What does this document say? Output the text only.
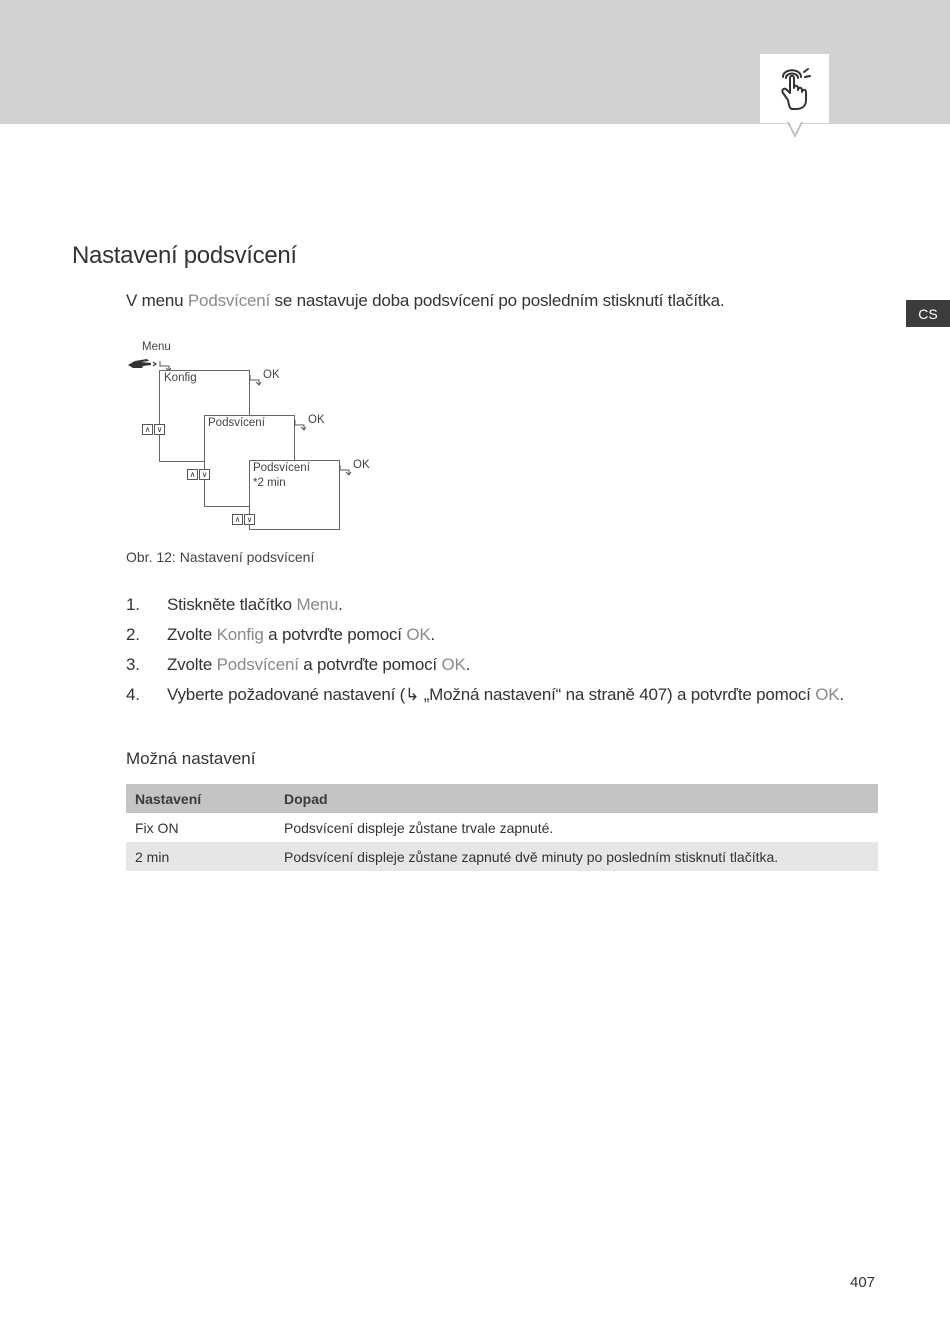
CS
Nastavení podsvícení
V menu Podsvícení se nastavuje doba podsvícení po posledním stisknutí tlačítka.
Menu
Konfig	OK
∧ ∨
Podsvícení	OK
∧ ∨
Podsvícení
*2 min
OK
∧ ∨
Obr. 12: Nastavení podsvícení
1. Stiskněte tlačítko Menu.
2. Zvolte Konfig a potvrďte pomocí OK.
3. Zvolte Podsvícení a potvrďte pomocí OK.
4. Vyberte požadované nastavení (↳ „Možná nastavení“ na straně 407) a potvrďte pomocí OK.
Možná nastavení
Nastavení	Dopad
Fix ON	Podsvícení displeje zůstane trvale zapnuté.
2 min	Podsvícení displeje zůstane zapnuté dvě minuty po posledním stisknutí tlačítka.
407
